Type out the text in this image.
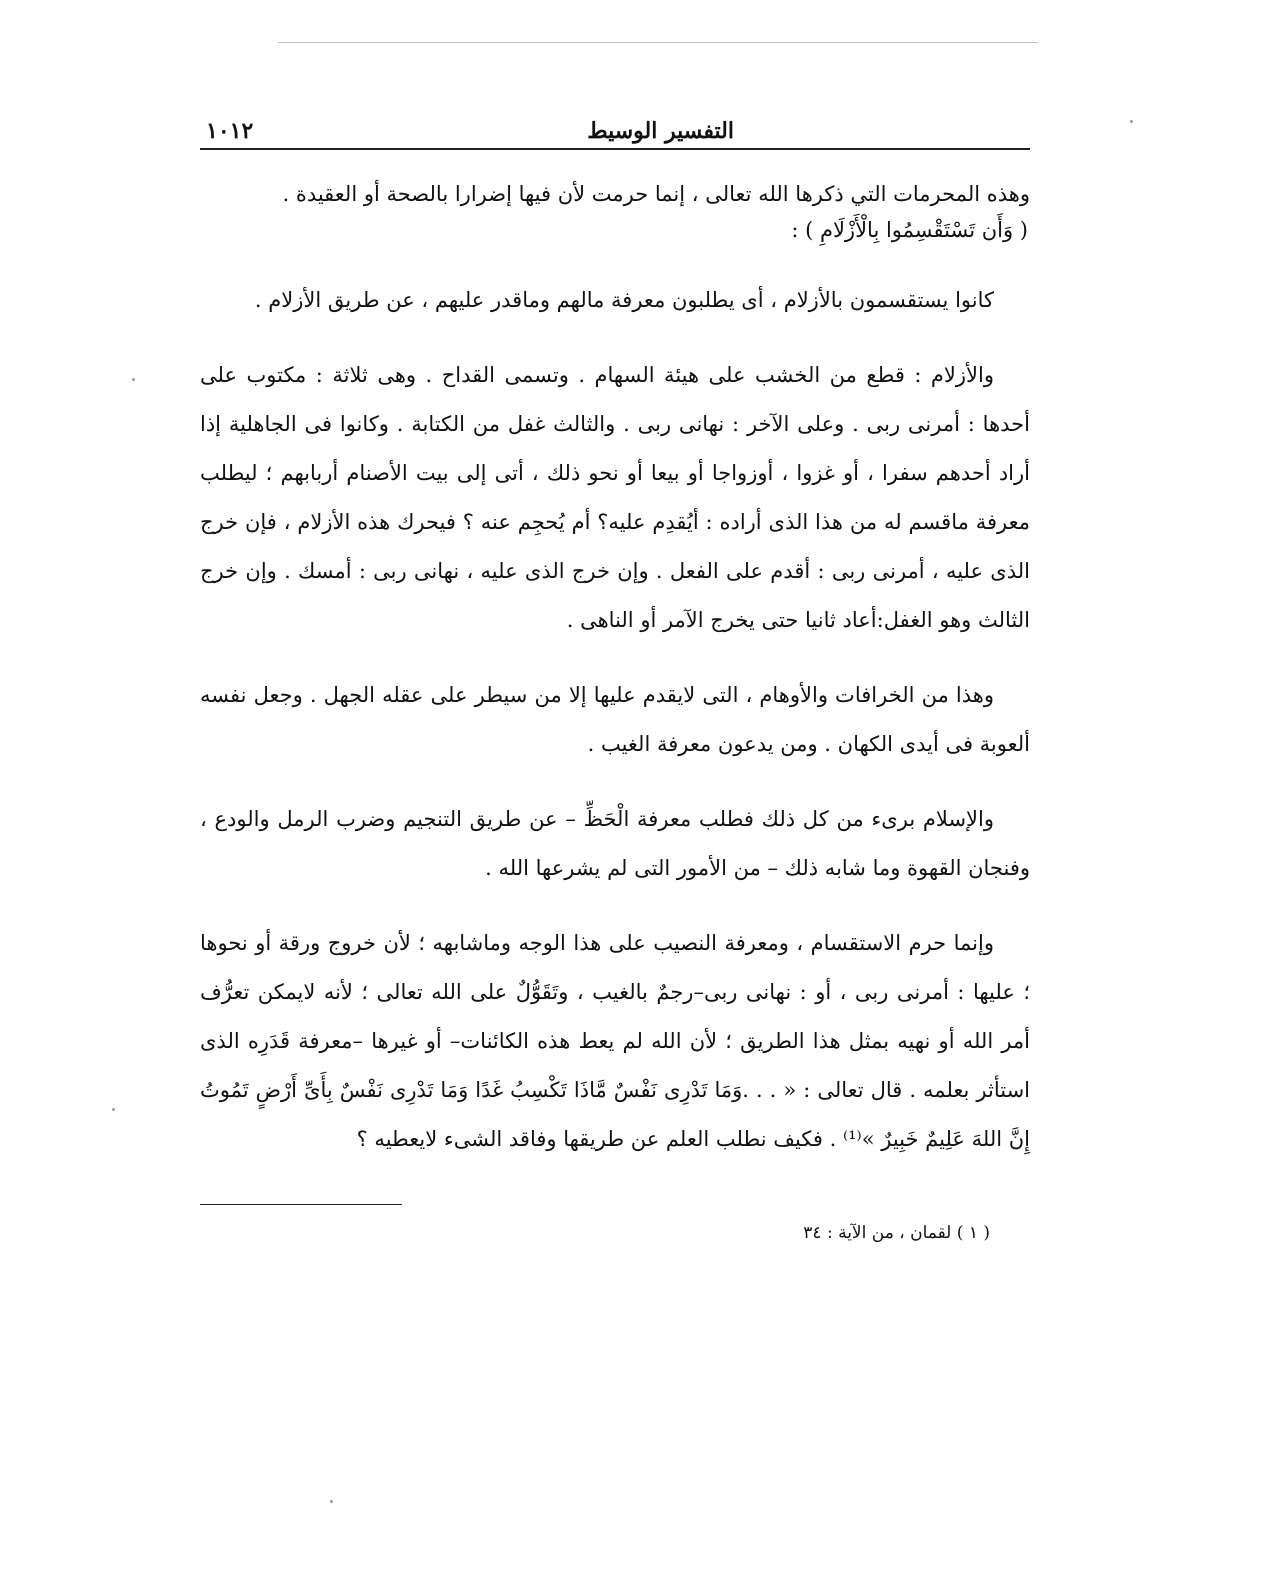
التفسير الوسيط
١٠١٢
وهذه المحرمات التي ذكرها الله تعالى ، إنما حرمت لأن فيها إضرارا بالصحة أو العقيدة .
( وَأَن تَسْتَقْسِمُوا بِالْأَزْلَامِ ) :

كانوا يستقسمون بالأزلام ، أى يطلبون معرفة مالهم وماقدر عليهم ، عن طريق الأزلام .

والأزلام : قطع من الخشب على هيئة السهام . وتسمى القداح . وهى ثلاثة : مكتوب على أحدها : أمرنى ربى . وعلى الآخر : نهانى ربى . والثالث غفل من الكتابة . وكانوا فى الجاهلية إذا أراد أحدهم سفرا ، أو غزوا ، أوزواجا أو بيعا أو نحو ذلك ، أتى إلى بيت الأصنام أربابهم ؛ ليطلب معرفة ماقسم له من هذا الذى أراده : أيُقدِم عليه؟ أم يُحجِم عنه ؟ فيحرك هذه الأزلام ، فإن خرج الذى عليه ، أمرنى ربى : أقدم على الفعل . وإن خرج الذى عليه ، نهانى ربى : أمسك . وإن خرج الثالث وهو الغفل:أعاد ثانيا حتى يخرج الآمر أو الناهى .

وهذا من الخرافات والأوهام ، التى لايقدم عليها إلا من سيطر على عقله الجهل . وجعل نفسه ألعوبة فى أيدى الكهان . ومن يدعون معرفة الغيب .

والإسلام برىء من كل ذلك فطلب معرفة الْحَظِّ – عن طريق التنجيم وضرب الرمل والودع ، وفنجان القهوة وما شابه ذلك – من الأمور التى لم يشرعها الله .

وإنما حرم الاستقسام ، ومعرفة النصيب على هذا الوجه وماشابهه ؛ لأن خروج ورقة أو نحوها ؛ عليها : أمرنى ربى ، أو : نهانى ربى–رجمٌ بالغيب ، وتَقَوُّلٌ على الله تعالى ؛ لأنه لايمكن تعرُّف أمر الله أو نهيه بمثل هذا الطريق ؛ لأن الله لم يعط هذه الكائنات– أو غيرها –معرفة قَدَرِه الذى استأثر بعلمه . قال تعالى : « . . .وَمَا تَدْرِى نَفْسٌ مَّاذَا تَكْسِبُ غَدًا وَمَا تَدْرِى نَفْسٌ بِأَىِّ أَرْضٍ تَمُوتُ إِنَّ اللهَ عَلِيمٌ خَبِيرٌ »⁽¹⁾ . فكيف نطلب العلم عن طريقها وفاقد الشىء لايعطيه ؟

( ١ ) لقمان ، من الآية : ٣٤
